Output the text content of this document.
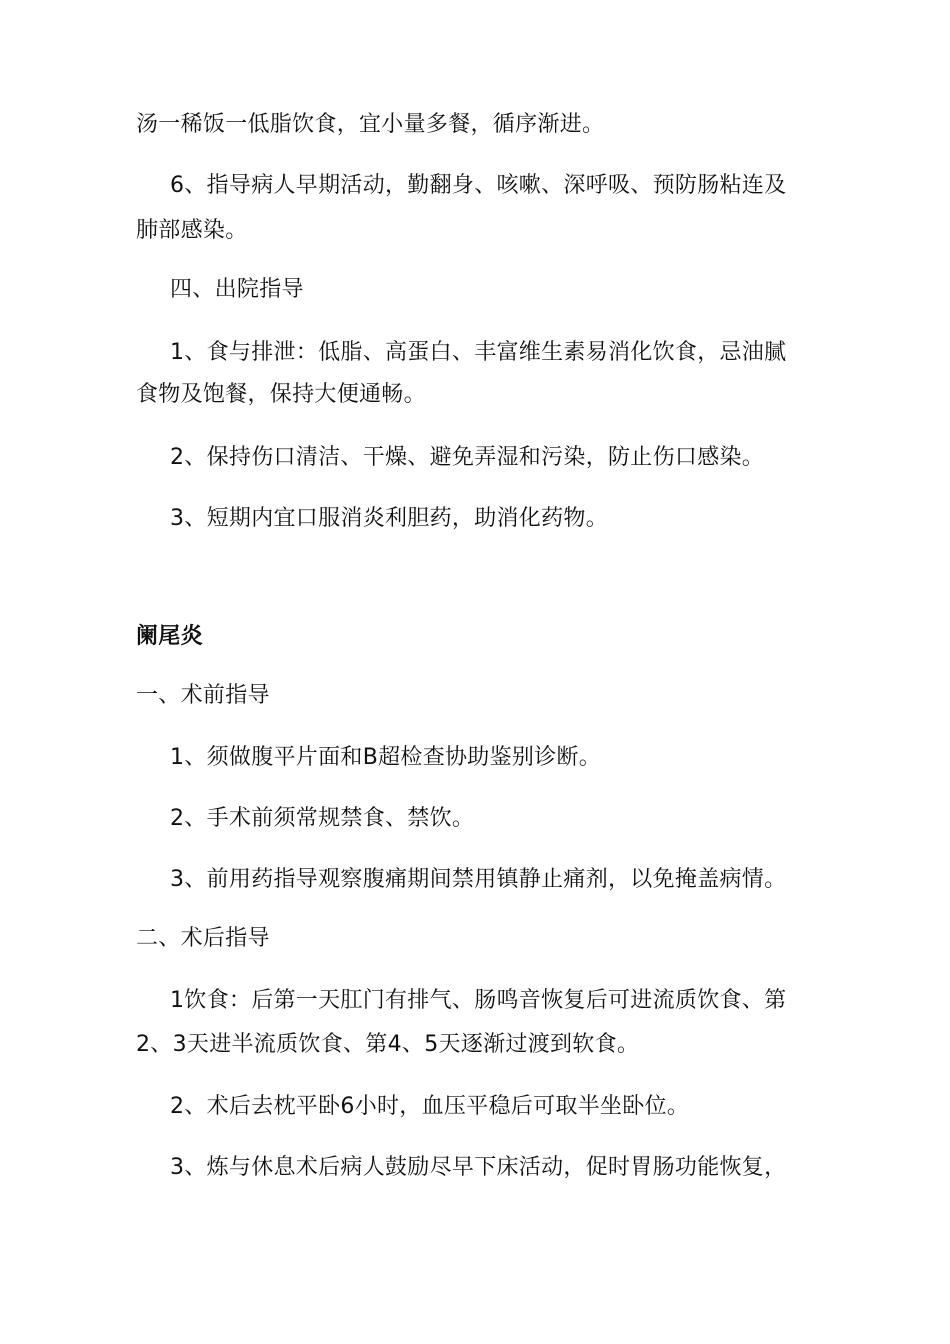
汤一稀饭一低脂饮食，宜小量多餐，循序渐进。
6、指导病人早期活动，勤翻身、咳嗽、深呼吸、预防肠粘连及
肺部感染。
四、出院指导
1、食与排泄：低脂、高蛋白、丰富维生素易消化饮食，忌油腻
食物及饱餐，保持大便通畅。
2、保持伤口清洁、干燥、避免弄湿和污染，防止伤口感染。
3、短期内宜口服消炎利胆药，助消化药物。
阑尾炎
一、术前指导
1、须做腹平片面和B超检查协助鉴别诊断。
2、手术前须常规禁食、禁饮。
3、前用药指导观察腹痛期间禁用镇静止痛剂，以免掩盖病情。
二、术后指导
1饮食：后第一天肛门有排气、肠鸣音恢复后可进流质饮食、第
2、3天进半流质饮食、第4、5天逐渐过渡到软食。
2、术后去枕平卧6小时，血压平稳后可取半坐卧位。
3、炼与休息术后病人鼓励尽早下床活动，促时胃肠功能恢复，
